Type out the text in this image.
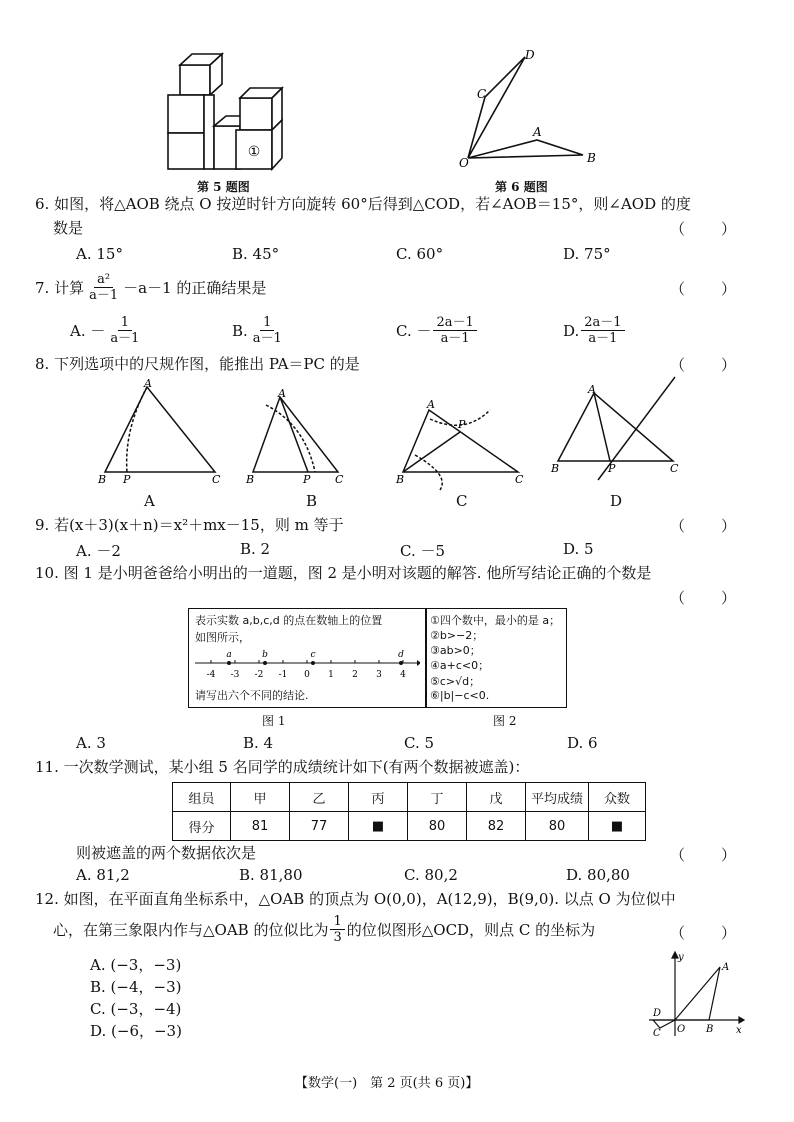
①
第 5 题图
D
C
A
O	B
第 6 题图
6. 如图，将△AOB 绕点 O 按逆时针方向旋转 60°后得到△COD，若∠AOB＝15°，则∠AOD 的度
数是	（　　）
A. 15°	B. 45°	C. 60°	D. 75°
7. 计算 $\frac{\text{a²}}{a-1} -a-1$ 的正确结果是	（　　）
A. － $\frac{1}{a-1}$	B. $\frac{1}{a-1}$	C. － $\frac{2a-1}{a-1}$	D. $\frac{2a-1}{a-1}$
8. 下列选项中的尺规作图，能推出 PA＝PC 的是	（　　）
A
B P	C
A
B	P C
A
P
B	C
A
B	P	C
A	B	C	D
9. 若(x＋3)(x＋n)＝x²＋mx－15，则 m 等于	（　　）
A. －2	B. 2	C. －5	D. 5
10. 图 1 是小明爸爸给小明出的一道题，图 2 是小明对该题的解答. 他所写结论正确的个数是
（　　）
表示实数 a,b,c,d 的点在数轴上的位置
如图所示，
a	b	c	d
-4 -3 -2 -1 0 1 2 3 4
请写出六个不同的结论.
①四个数中，最小的是 a；
②b>−2；
③ab>0；
④a+c<0；
⑤c>√d；
⑥|b|−c<0.
图 1	图 2
A. 3	B. 4	C. 5	D. 6
11. 一次数学测试，某小组 5 名同学的成绩统计如下(有两个数据被遮盖)：
组员	甲	乙	丙	丁	戊	平均成绩	众数
得分	81	77	■	80	82	80	■
则被遮盖的两个数据依次是	（　　）
A. 81,2	B. 81,80	C. 80,2	D. 80,80
12. 如图，在平面直角坐标系中，△OAB 的顶点为 O(0,0)，A(12,9)，B(9,0). 以点 O 为位似中
心，在第三象限内作与△OAB 的位似比为 $\frac{1}{3}$ 的位似图形△OCD，则点 C 的坐标为	（　　）
A. (−3，−3)
B. (−4，−3)
C. (−3，−4)
D. (−6，−3)
y
x
A
B
O
C
D
【数学(一)　第 2 页(共 6 页)】
